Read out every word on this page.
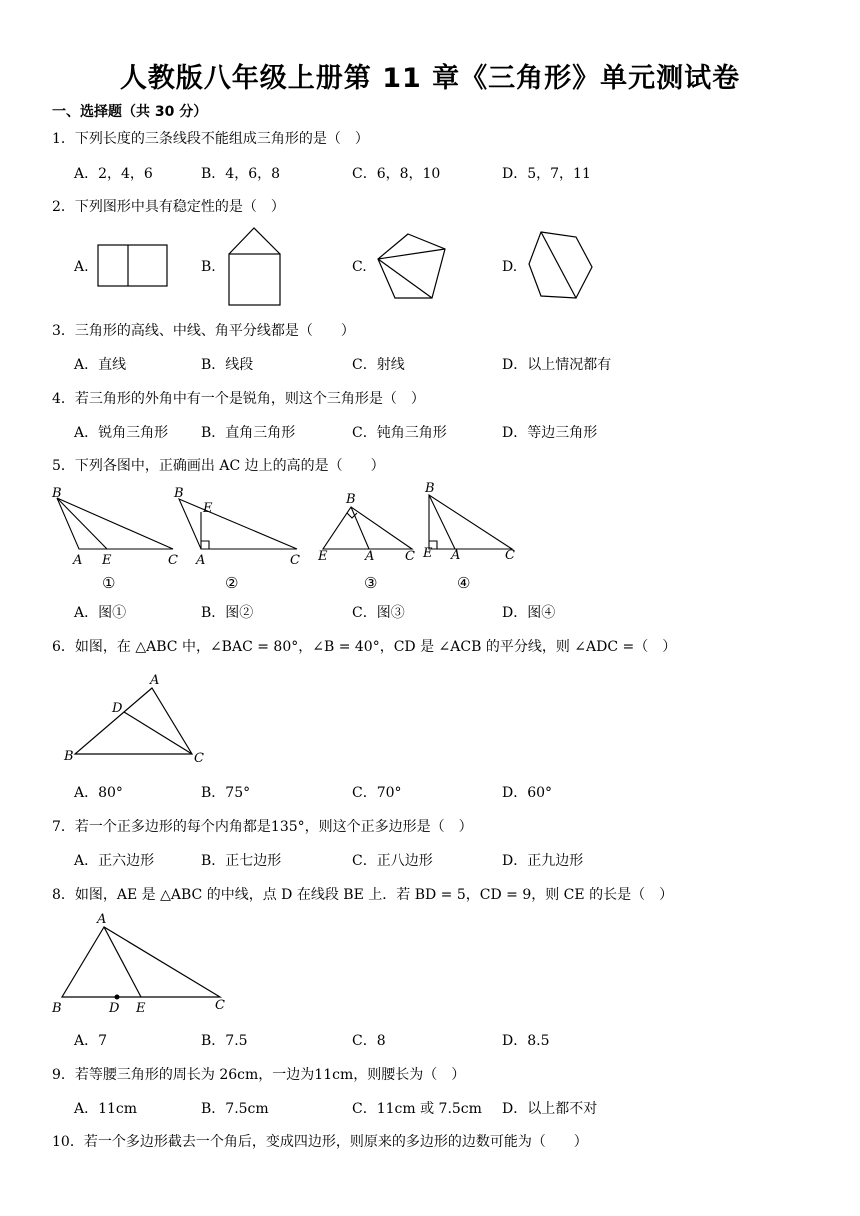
人教版八年级上册第 11 章《三角形》单元测试卷
一、选择题（共 30 分）
1．下列长度的三条线段不能组成三角形的是（　）
A．2，4，6	B．4，6，8	C．6，8，10	D．5，7，11
2．下列图形中具有稳定性的是（　）
A.	B.	C.	D.
3．三角形的高线、中线、角平分线都是（　　）
A．直线	B．线段	C．射线	D．以上情况都有
4．若三角形的外角中有一个是锐角，则这个三角形是（　）
A．锐角三角形 B．直角三角形	C．钝角三角形	D．等边三角形
5．下列各图中，正确画出 AC 边上的高的是（　　）
B
A E	C
B
E
A	C
B
E	A C
B
E A	C
①	②	③	④
A．图①	B．图②	C．图③	D．图④
6．如图，在 △ABC 中，∠BAC = 80°，∠B = 40°，CD 是 ∠ACB 的平分线，则 ∠ADC =（　）
A
D
B	C
A．80°	B．75°	C．70°	D．60°
7．若一个正多边形的每个内角都是135°，则这个正多边形是（　）
A．正六边形	B．正七边形	C．正八边形	D．正九边形
8．如图，AE 是 △ABC 的中线，点 D 在线段 BE 上．若 BD = 5，CD = 9，则 CE 的长是（　）
A
B	D E	C
A．7	B．7.5	C．8	D．8.5
9．若等腰三角形的周长为 26cm，一边为11cm，则腰长为（　）
A．11cm	B．7.5cm	C．11cm 或 7.5cm D．以上都不对
10．若一个多边形截去一个角后，变成四边形，则原来的多边形的边数可能为（　　）
